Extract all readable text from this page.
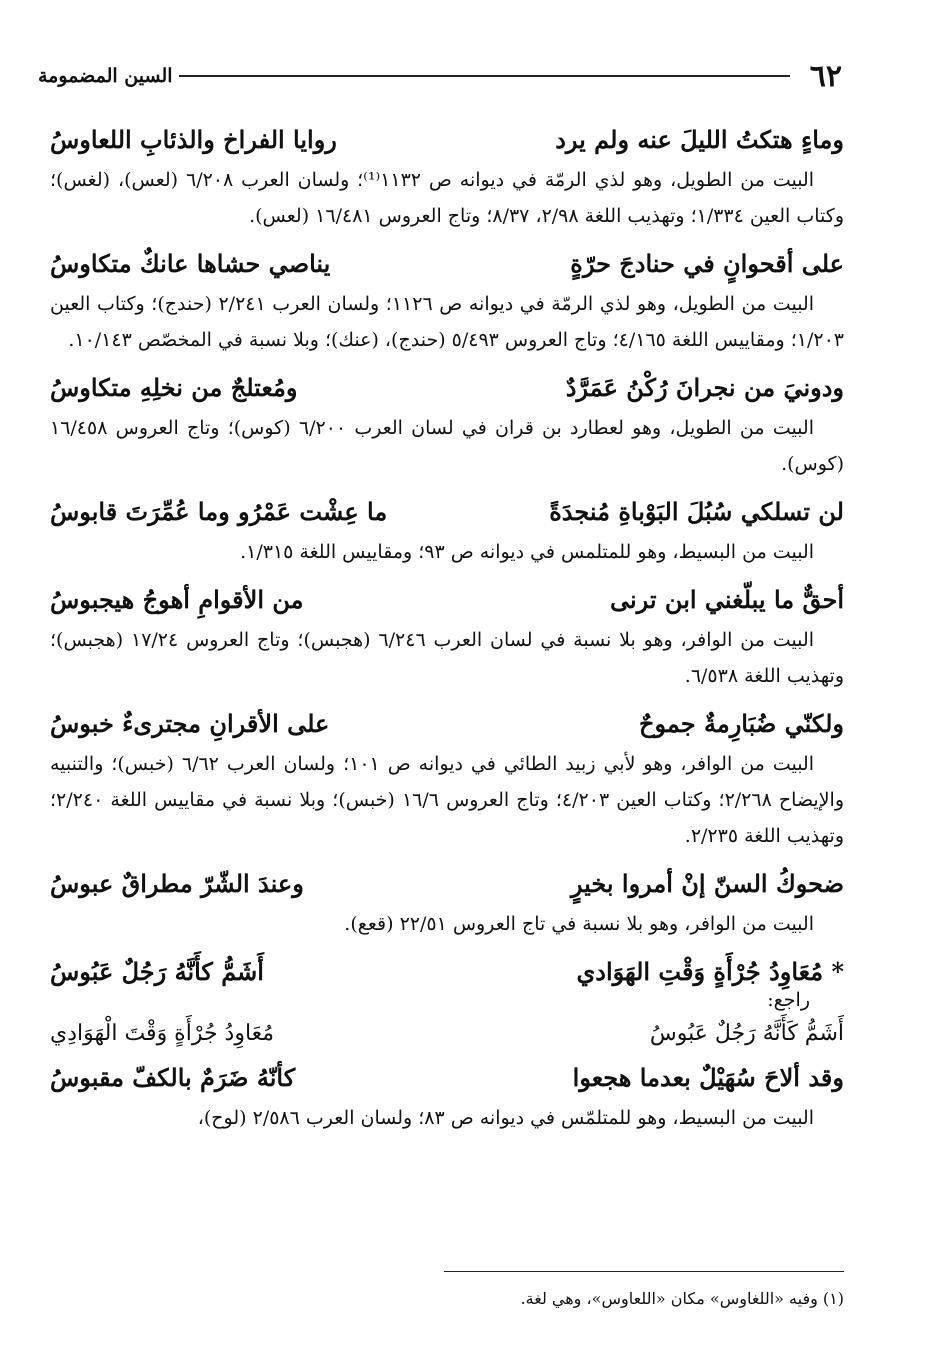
٦٢
السين المضمومة
وماءٍ هتكتُ الليلَ عنه ولم يرد
روايا الفراخ والذئابِ اللعاوسُ

البيت من الطويل، وهو لذي الرمّة في ديوانه ص ١١٣٢⁽¹⁾؛ ولسان العرب ٦/٢٠٨ (لعس)، (لغس)؛ وكتاب العين ١/٣٣٤؛ وتهذيب اللغة ٢/٩٨، ٨/٣٧؛ وتاج العروس ١٦/٤٨١ (لعس).

على أقحوانٍ في حنادجَ حرّةٍ
يناصي حشاها عانكٌ متكاوسُ

البيت من الطويل، وهو لذي الرمّة في ديوانه ص ١١٢٦؛ ولسان العرب ٢/٢٤١ (حندج)؛ وكتاب العين ١/٢٠٣؛ ومقاييس اللغة ٤/١٦٥؛ وتاج العروس ٥/٤٩٣ (حندج)، (عنك)؛ وبلا نسبة في المخصّص ١٠/١٤٣.

ودونيَ من نجرانَ رُكْنُ عَمَرَّدٌ
ومُعتلجٌ من نخلِهِ متكاوسُ

البيت من الطويل، وهو لعطارد بن قران في لسان العرب ٦/٢٠٠ (كوس)؛ وتاج العروس ١٦/٤٥٨ (كوس).

لن تسلكي سُبُلَ البَوْباةِ مُنجدَةً
ما عِشْت عَمْرُو وما عُمِّرَتَ قابوسُ

البيت من البسيط، وهو للمتلمس في ديوانه ص ٩٣؛ ومقاييس اللغة ١/٣١٥.

أحقٌّ ما يبلّغني ابن ترنى
من الأقوامِ أهوجُ هيجبوسُ

البيت من الوافر، وهو بلا نسبة في لسان العرب ٦/٢٤٦ (هجبس)؛ وتاج العروس ١٧/٢٤ (هجبس)؛ وتهذيب اللغة ٦/٥٣٨.

ولكنّي ضُبَارِمةٌ جموحٌ
على الأقرانِ مجترىءٌ خبوسُ

البيت من الوافر، وهو لأبي زبيد الطائي في ديوانه ص ١٠١؛ ولسان العرب ٦/٦٢ (خبس)؛ والتنبيه والإيضاح ٢/٢٦٨؛ وكتاب العين ٤/٢٠٣؛ وتاج العروس ١٦/٦ (خبس)؛ وبلا نسبة في مقاييس اللغة ٢/٢٤٠؛ وتهذيب اللغة ٢/٢٣٥.

ضحوكُ السنّ إنْ أمروا بخيرٍ
وعندَ الشّرّ مطراقٌ عبوسُ

البيت من الوافر، وهو بلا نسبة في تاج العروس ٢٢/٥١ (قعع).

* مُعَاوِدُ جُرْأَةٍ وَقْتِ الهَوَادي
أَشَمُّ كأَنَّهُ رَجُلٌ عَبُوسُ
راجع:
أَشَمُّ كَأَنَّهُ رَجُلٌ عَبُوسُ
مُعَاوِدُ جُرْأَةٍ وَقْتَ الْهَوَادِي
وقد ألاحَ سُهَيْلٌ بعدما هجعوا
كأنّهُ ضَرَمٌ بالكفّ مقبوسُ

البيت من البسيط، وهو للمتلمّس في ديوانه ص ٨٣؛ ولسان العرب ٢/٥٨٦ (لوح)،

(١) وفيه «اللغاوس» مكان «اللعاوس»، وهي لغة.
